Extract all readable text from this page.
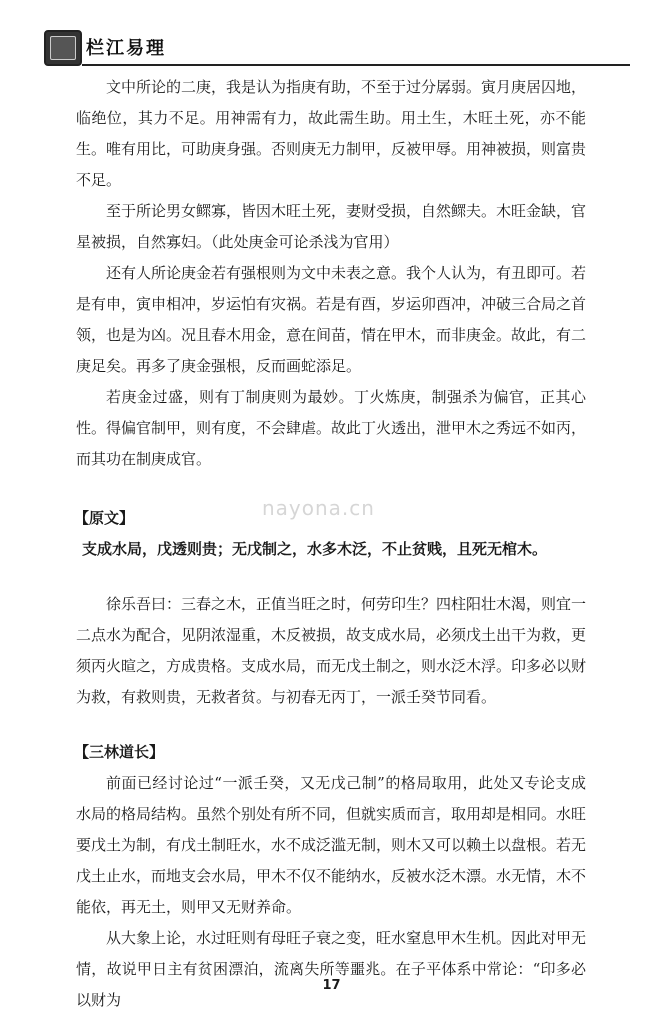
栏江易理

文中所论的二庚，我是认为指庚有助，不至于过分孱弱。寅月庚居囚地，临绝位，其力不足。用神需有力，故此需生助。用土生，木旺土死，亦不能生。唯有用比，可助庚身强。否则庚无力制甲，反被甲辱。用神被损，则富贵不足。

至于所论男女鳏寡，皆因木旺土死，妻财受损，自然鳏夫。木旺金缺，官星被损，自然寡妇。（此处庚金可论杀浅为官用）

还有人所论庚金若有强根则为文中未表之意。我个人认为，有丑即可。若是有申，寅申相冲，岁运怕有灾祸。若是有酉，岁运卯酉冲，冲破三合局之首领，也是为凶。况且春木用金，意在间苗，情在甲木，而非庚金。故此，有二庚足矣。再多了庚金强根，反而画蛇添足。

若庚金过盛，则有丁制庚则为最妙。丁火炼庚，制强杀为偏官，正其心性。得偏官制甲，则有度，不会肆虐。故此丁火透出，泄甲木之秀远不如丙，而其功在制庚成官。

【原文】

支成水局，戊透则贵；无戊制之，水多木泛，不止贫贱，且死无棺木。

徐乐吾曰：三春之木，正值当旺之时，何劳印生？四柱阳壮木渴，则宜一二点水为配合，见阴浓湿重，木反被损，故支成水局，必须戊土出干为救，更须丙火暄之，方成贵格。支成水局，而无戊土制之，则水泛木浮。印多必以财为救，有救则贵，无救者贫。与初春无丙丁，一派壬癸节同看。

【三林道长】

前面已经讨论过“一派壬癸，又无戊己制”的格局取用，此处又专论支成水局的格局结构。虽然个别处有所不同，但就实质而言，取用却是相同。水旺要戊土为制，有戊土制旺水，水不成泛滥无制，则木又可以赖土以盘根。若无戊土止水，而地支会水局，甲木不仅不能纳水，反被水泛木漂。水无情，木不能依，再无土，则甲又无财养命。

从大象上论，水过旺则有母旺子衰之变，旺水窒息甲木生机。因此对甲无情，故说甲日主有贫困漂泊，流离失所等噩兆。在子平体系中常论：“印多必以财为

nayona.cn
17
